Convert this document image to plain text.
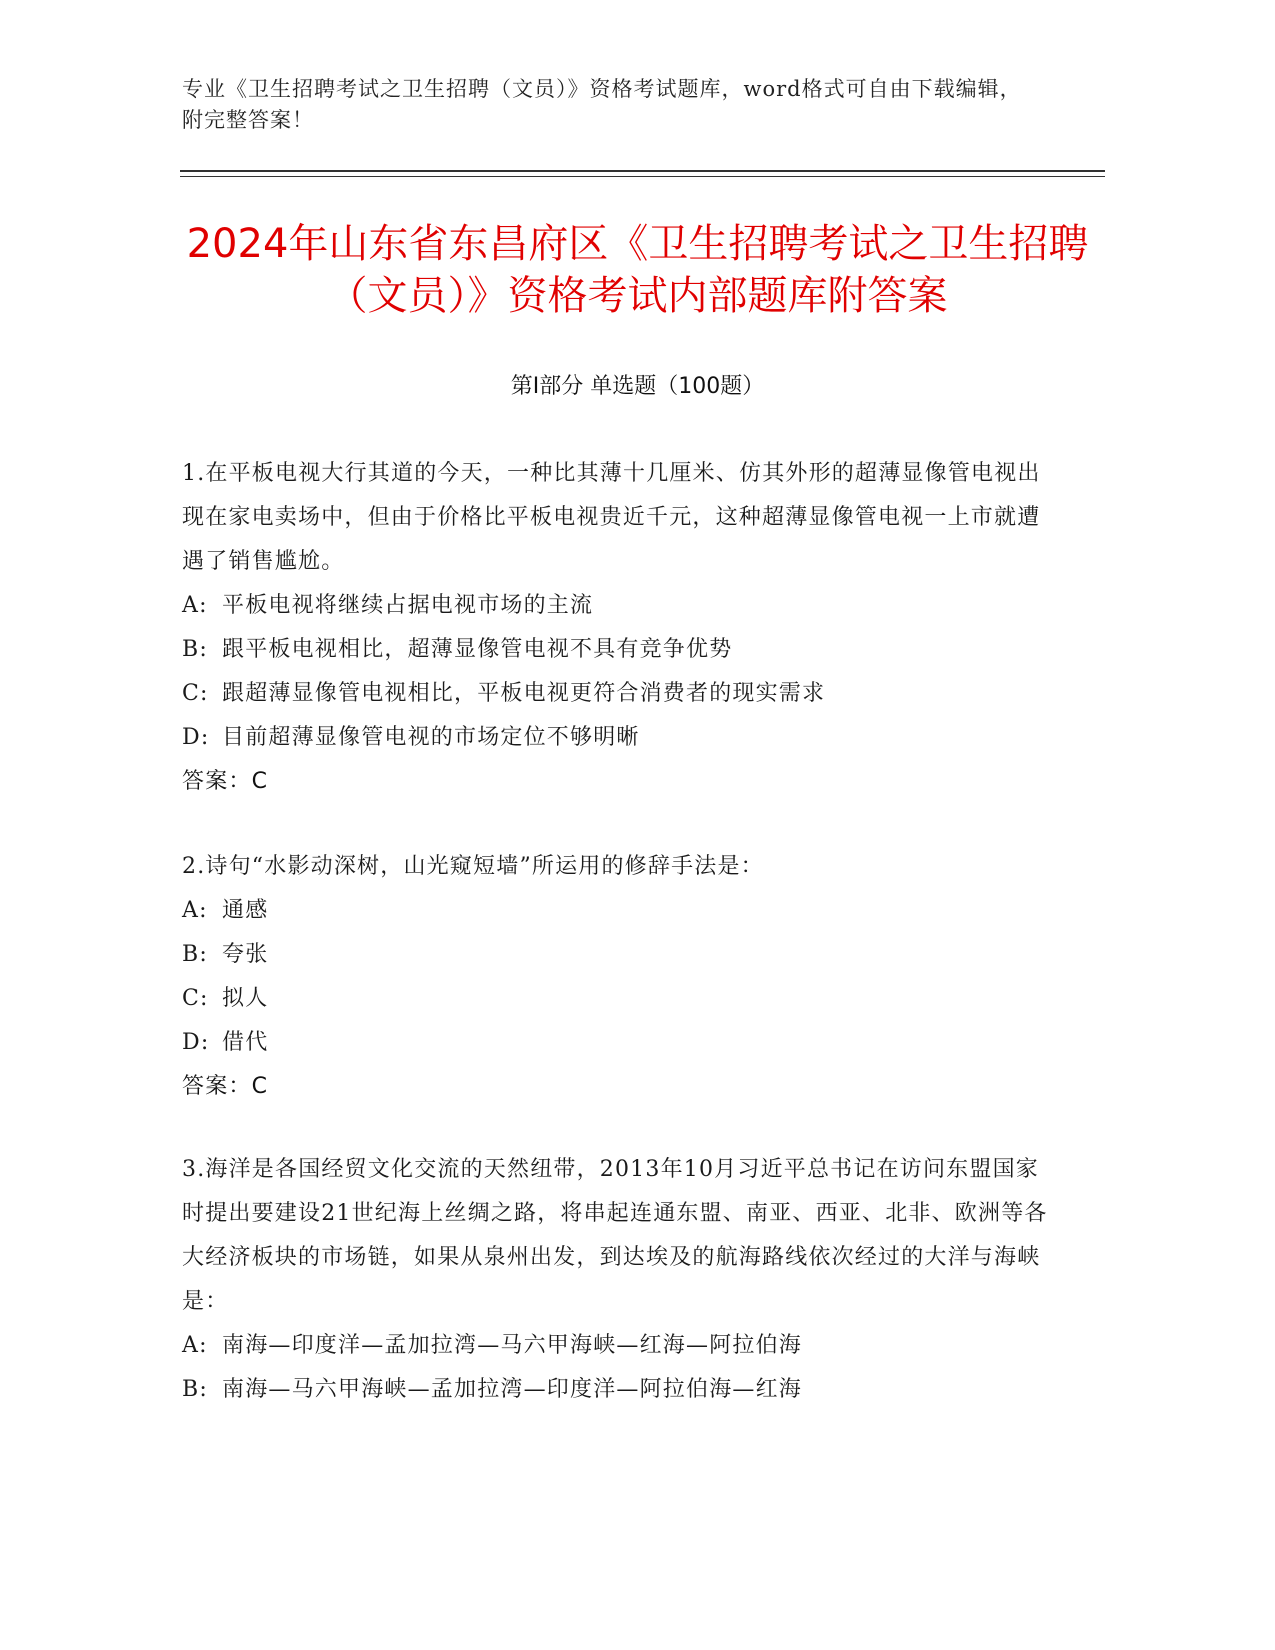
专业《卫生招聘考试之卫生招聘（文员）》资格考试题库，word格式可自由下载编辑，附完整答案！
2024年山东省东昌府区《卫生招聘考试之卫生招聘（文员）》资格考试内部题库附答案
第Ⅰ部分 单选题（100题）
1.在平板电视大行其道的今天，一种比其薄十几厘米、仿其外形的超薄显像管电视出现在家电卖场中，但由于价格比平板电视贵近千元，这种超薄显像管电视一上市就遭遇了销售尴尬。
A: 平板电视将继续占据电视市场的主流
B: 跟平板电视相比，超薄显像管电视不具有竞争优势
C: 跟超薄显像管电视相比，平板电视更符合消费者的现实需求
D: 目前超薄显像管电视的市场定位不够明晰
答案：C
2.诗句“水影动深树，山光窥短墙”所运用的修辞手法是：
A: 通感
B: 夸张
C: 拟人
D: 借代
答案：C
3.海洋是各国经贸文化交流的天然纽带，2013年10月习近平总书记在访问东盟国家时提出要建设21世纪海上丝绸之路，将串起连通东盟、南亚、西亚、北非、欧洲等各大经济板块的市场链，如果从泉州出发，到达埃及的航海路线依次经过的大洋与海峡是：
A: 南海—印度洋—孟加拉湾—马六甲海峡—红海—阿拉伯海
B: 南海—马六甲海峡—孟加拉湾—印度洋—阿拉伯海—红海
